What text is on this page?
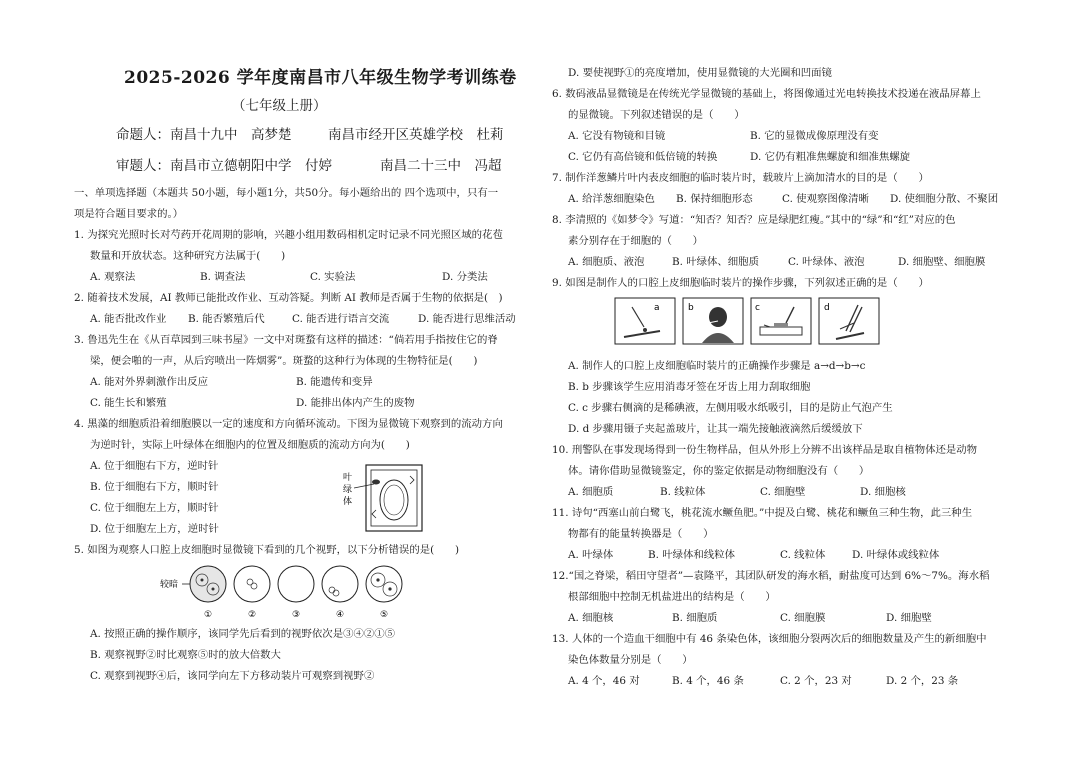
2025-2026 学年度南昌市八年级生物学考训练卷
（七年级上册）
命题人：南昌十九中　高梦楚	南昌市经开区英雄学校　杜莉
审题人：南昌市立德朝阳中学　付婷	南昌二十三中　冯超
一、单项选择题（本题共 50小题，每小题1分，共50分。每小题给出的 四个选项中，只有一
项是符合题目要求的。）
1. 为探究光照时长对芍药开花周期的影响，兴趣小组用数码相机定时记录不同光照区域的花苞
数量和开放状态。这种研究方法属于(　　)
A. 观察法	B. 调查法	C. 实验法	D. 分类法
2. 随着技术发展，AI 教师已能批改作业、互动答疑。判断 AI 教师是否属于生物的依据是(　)
A. 能否批改作业 B. 能否繁殖后代	C. 能否进行语言交流	D. 能否进行思维活动
3. 鲁迅先生在《从百草园到三味书屋》一文中对斑蝥有这样的描述：“倘若用手指按住它的脊
梁，便会啪的一声，从后窍喷出一阵烟雾”。斑蝥的这种行为体现的生物特征是(　　)
A. 能对外界刺激作出反应	B. 能遗传和变异
C. 能生长和繁殖	D. 能排出体内产生的废物
4. 黑藻的细胞质沿着细胞膜以一定的速度和方向循环流动。下图为显微镜下观察到的流动方向
为逆时针，实际上叶绿体在细胞内的位置及细胞质的流动方向为(　　)
A. 位于细胞右下方，逆时针
B. 位于细胞右下方，顺时针
C. 位于细胞左上方，顺时针
D. 位于细胞左上方，逆时针
叶
绿
体
5. 如图为观察人口腔上皮细胞时显微镜下看到的几个视野，以下分析错误的是(　　)
较暗
①	②	③	④	⑤
A. 按照正确的操作顺序，该同学先后看到的视野依次是③④②①⑤
B. 观察视野②时比观察⑤时的放大倍数大
C. 观察到视野④后，该同学向左下方移动装片可观察到视野②
D. 要使视野①的亮度增加，使用显微镜的大光圈和凹面镜
6. 数码液晶显微镜是在传统光学显微镜的基础上，将图像通过光电转换技术投递在液晶屏幕上
的显微镜。下列叙述错误的是（　　）
A. 它没有物镜和目镜	B. 它的显微成像原理没有变
C. 它仍有高倍镜和低倍镜的转换	D. 它仍有粗准焦螺旋和细准焦螺旋
7. 制作洋葱鳞片叶内表皮细胞的临时装片时，载玻片上滴加清水的目的是（　　）
A. 给洋葱细胞染色 B. 保持细胞形态	C. 使观察图像清晰 D. 使细胞分散、不聚团
8. 李清照的《如梦令》写道：“知否？知否？应是绿肥红瘦。”其中的“绿”和“红”对应的色
素分别存在于细胞的（　　）
A. 细胞质、液泡	B. 叶绿体、细胞质	C. 叶绿体、液泡	D. 细胞壁、细胞膜
9. 如图是制作人的口腔上皮细胞临时装片的操作步骤，下列叙述正确的是（　　）
a	b	c	d
A. 制作人的口腔上皮细胞临时装片的正确操作步骤是 a→d→b→c
B. b 步骤该学生应用消毒牙签在牙齿上用力刮取细胞
C. c 步骤右侧滴的是稀碘液，左侧用吸水纸吸引，目的是防止气泡产生
D. d 步骤用镊子夹起盖玻片，让其一端先接触液滴然后缓缓放下
10. 刑警队在事发现场得到一份生物样品，但从外形上分辨不出该样品是取自植物体还是动物
体。请你借助显微镜鉴定，你的鉴定依据是动物细胞没有（　　）
A. 细胞质	B. 线粒体	C. 细胞壁	D. 细胞核
11. 诗句“西塞山前白鹭飞，桃花流水鳜鱼肥。”中提及白鹭、桃花和鳜鱼三种生物，此三种生
物都有的能量转换器是（　　）
A. 叶绿体	B. 叶绿体和线粒体	C. 线粒体	D. 叶绿体或线粒体
12.“国之脊梁，稻田守望者”—袁隆平，其团队研发的海水稻，耐盐度可达到 6%～7%。海水稻
根部细胞中控制无机盐进出的结构是（　　）
A. 细胞核	B. 细胞质	C. 细胞膜	D. 细胞壁
13. 人体的一个造血干细胞中有 46 条染色体，该细胞分裂两次后的细胞数量及产生的新细胞中
染色体数量分别是（　　）
A. 4 个，46 对	B. 4 个，46 条	C. 2 个，23 对	D. 2 个，23 条
